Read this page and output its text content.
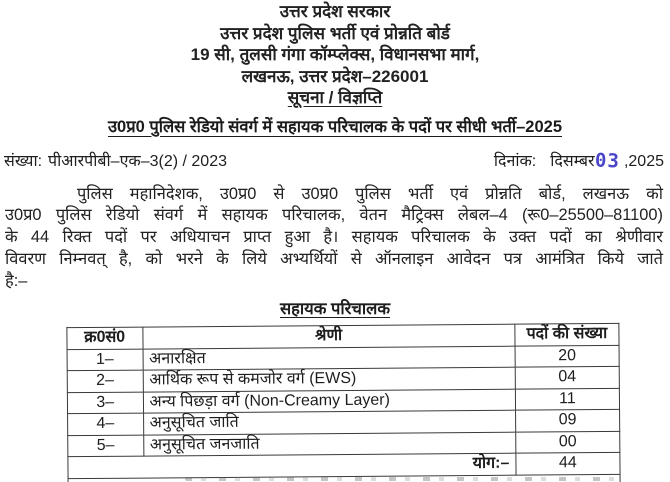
उत्तर प्रदेश सरकार
उत्तर प्रदेश पुलिस भर्ती एवं प्रोन्नति बोर्ड
19 सी, तुलसी गंगा कॉम्प्लेक्स, विधानसभा मार्ग,
लखनऊ, उत्तर प्रदेश–226001
सूचना / विज्ञप्ति
उ0प्र0 पुलिस रेडियो संवर्ग में सहायक परिचालक के पदों पर सीधी भर्ती–2025
संख्या: पीआरपीबी–एक–3(2) / 2023	दिनांक: दिसम्बर03 ,2025
पुलिस महानिदेशक, उ0प्र0 से उ0प्र0 पुलिस भर्ती एवं प्रोन्नति बोर्ड, लखनऊ को
उ0प्र0 पुलिस रेडियो संवर्ग में सहायक परिचालक, वेतन मैट्रिक्स लेबल–4 (रू0–25500–81100)
के 44 रिक्त पदों पर अधियाचन प्राप्त हुआ है। सहायक परिचालक के उक्त पदों का श्रेणीवार
विवरण निम्नवत् है, को भरने के लिये अभ्यर्थियों से ऑनलाइन आवेदन पत्र आमंत्रित किये जाते
है:–
सहायक परिचालक
क्र0सं0	श्रेणी	पदों की संख्या
1–	अनारक्षित	20
2–	आर्थिक रूप से कमजोर वर्ग (EWS)	04
3–	अन्य पिछड़ा वर्ग (Non-Creamy Layer)	11
4–	अनुसूचित जाति	09
5–	अनुसूचित जनजाति	00
योग:–		44
